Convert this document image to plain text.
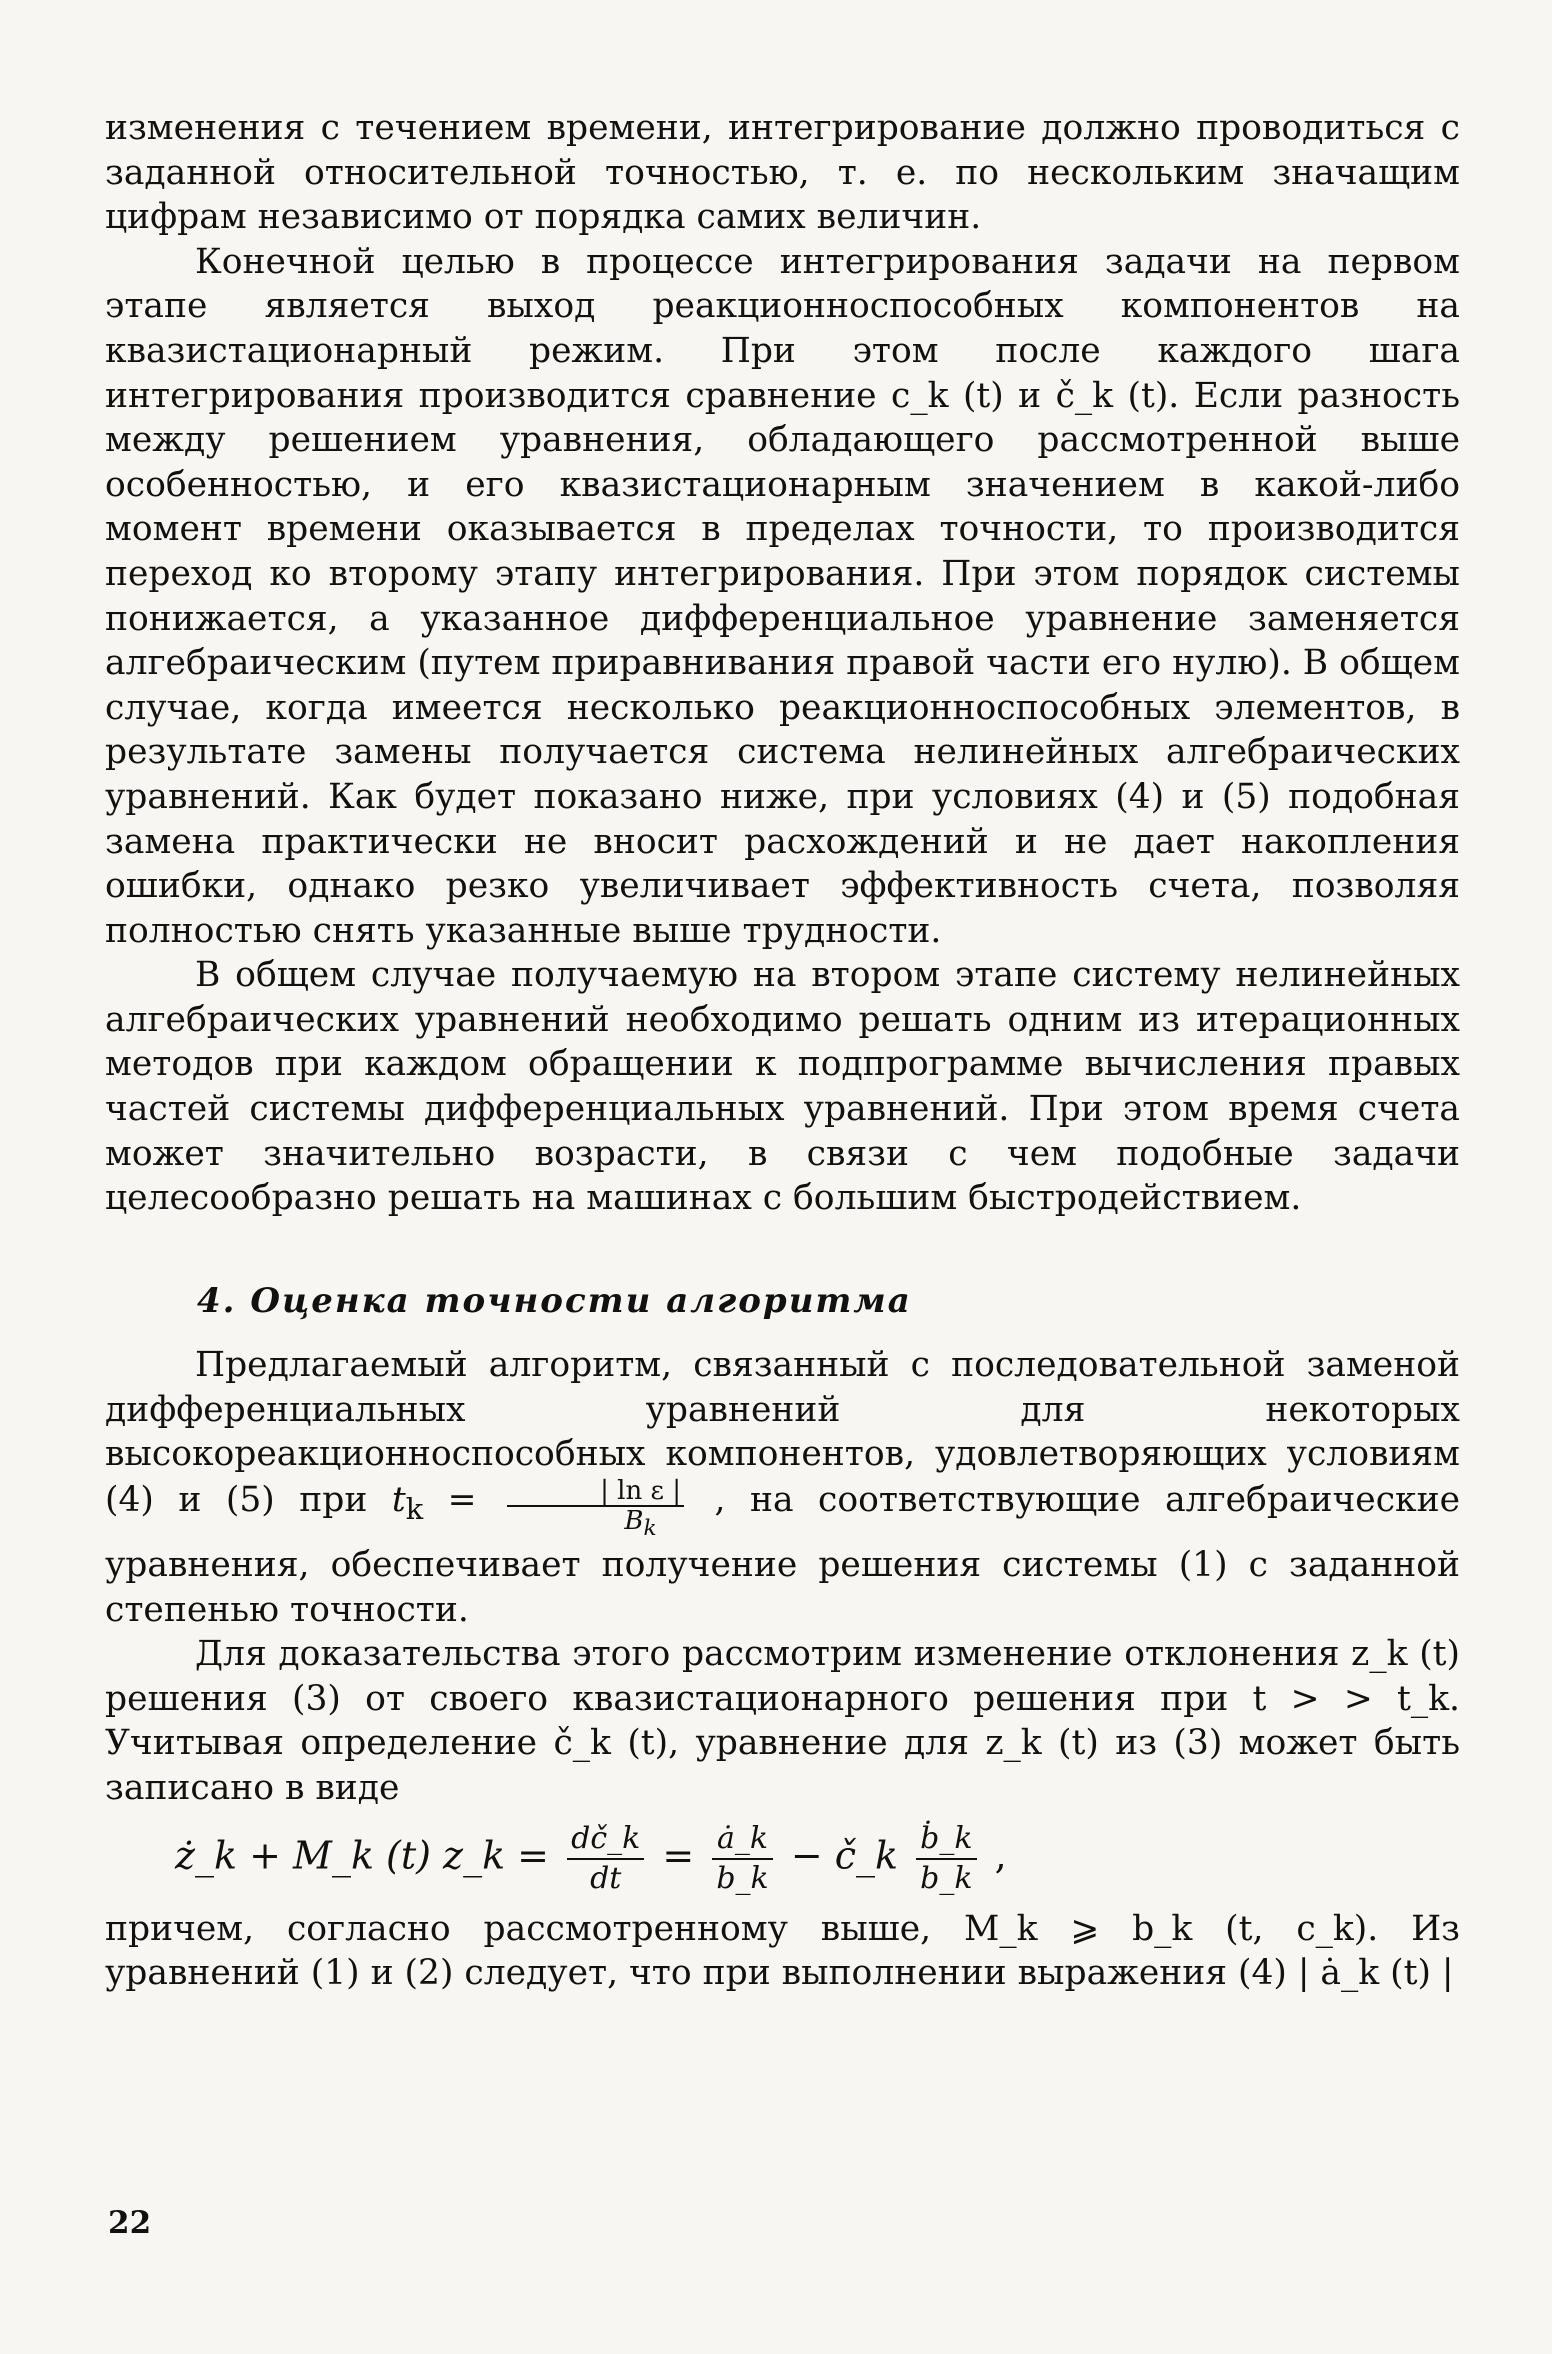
изменения с течением времени, интегрирование должно проводиться с заданной относительной точностью, т. е. по нескольким значащим цифрам независимо от порядка самих величин.

Конечной целью в процессе интегрирования задачи на первом этапе является выход реакционноспособных компонентов на квазистационарный режим. При этом после каждого шага интегрирования производится сравнение c_k (t) и č_k (t). Если разность между решением уравнения, обладающего рассмотренной выше особенностью, и его квазистационарным значением в какой-либо момент времени оказывается в пределах точности, то производится переход ко второму этапу интегрирования. При этом порядок системы понижается, а указанное дифференциальное уравнение заменяется алгебраическим (путем приравнивания правой части его нулю). В общем случае, когда имеется несколько реакционноспособных элементов, в результате замены получается система нелинейных алгебраических уравнений. Как будет показано ниже, при условиях (4) и (5) подобная замена практически не вносит расхождений и не дает накопления ошибки, однако резко увеличивает эффективность счета, позволяя полностью снять указанные выше трудности.

В общем случае получаемую на втором этапе систему нелинейных алгебраических уравнений необходимо решать одним из итерационных методов при каждом обращении к подпрограмме вычисления правых частей системы дифференциальных уравнений. При этом время счета может значительно возрасти, в связи с чем подобные задачи целесообразно решать на машинах с большим быстродействием.

4. Оценка точности алгоритма

Предлагаемый алгоритм, связанный с последовательной заменой дифференциальных уравнений для некоторых высокореакционноспособных компонентов, удовлетворяющих условиям (4) и (5) при $t_k = \frac{\text{| ln ε |}}{B_k}$ , на соответствующие алгебраические уравнения, обеспечивает получение решения системы (1) с заданной степенью точности.

Для доказательства этого рассмотрим изменение отклонения z_k (t) решения (3) от своего квазистационарного решения при t > > t_k. Учитывая определение č_k (t), уравнение для z_k (t) из (3) может быть записано в виде

причем, согласно рассмотренному выше, M_k ⩾ b_k (t, c_k). Из уравнений (1) и (2) следует, что при выполнении выражения (4) | ȧ_k (t) |

ż_k + M_k (t) z_k = $\frac{dč\_k}{dt} = \frac{ȧ\_k}{b\_k}$ − č_k $\frac{\text{ḃ\_k}}{b\_k}$ ,
22
